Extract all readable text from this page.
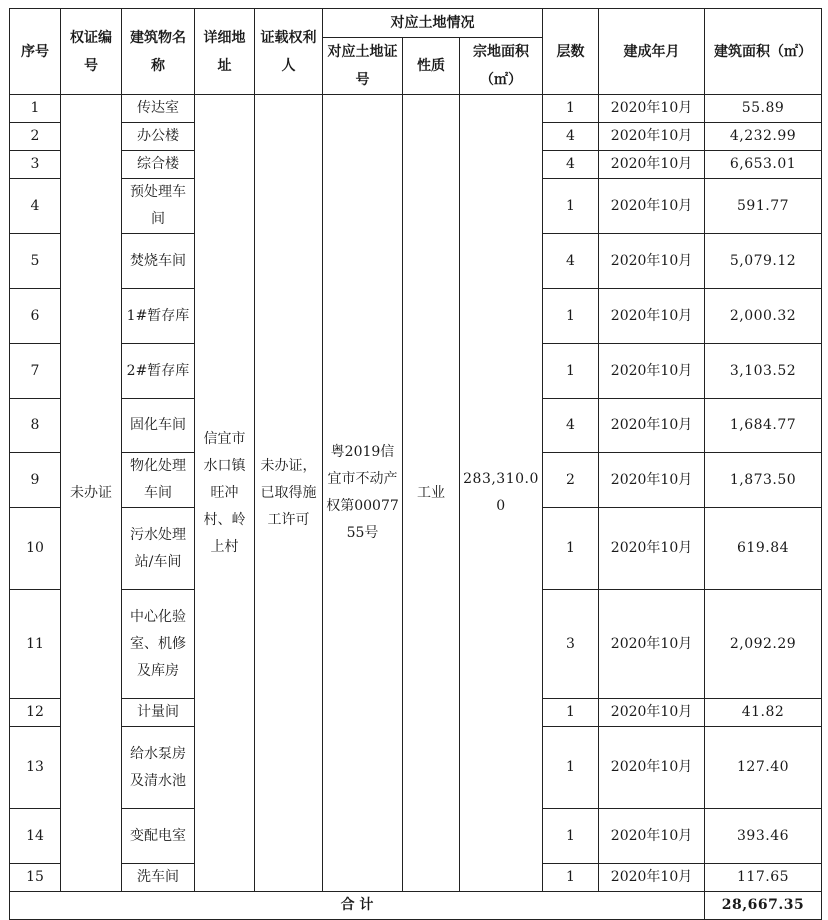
序号	权证编号	建筑物名称	详细地址	证载权利人	对应土地情况			层数	建成年月	建筑面积（㎡）
					对应土地证号	性质	宗地面积（㎡）			
1	未办证	传达室	信宜市水口镇旺冲村、岭上村	未办证，已取得施工许可	粤2019信宜市不动产权第0007755号	工业	283,310.00	1	2020年10月	55.89
2		办公楼						4	2020年10月	4,232.99
3		综合楼						4	2020年10月	6,653.01
4		预处理车间						1	2020年10月	591.77
5		焚烧车间						4	2020年10月	5,079.12
6		1#暂存库						1	2020年10月	2,000.32
7		2#暂存库						1	2020年10月	3,103.52
8		固化车间						4	2020年10月	1,684.77
9		物化处理车间						2	2020年10月	1,873.50
10		污水处理站/车间						1	2020年10月	619.84
11		中心化验室、机修及库房						3	2020年10月	2,092.29
12		计量间						1	2020年10月	41.82
13		给水泵房及清水池						1	2020年10月	127.40
14		变配电室						1	2020年10月	393.46
15		洗车间						1	2020年10月	117.65
合 计										28,667.35
